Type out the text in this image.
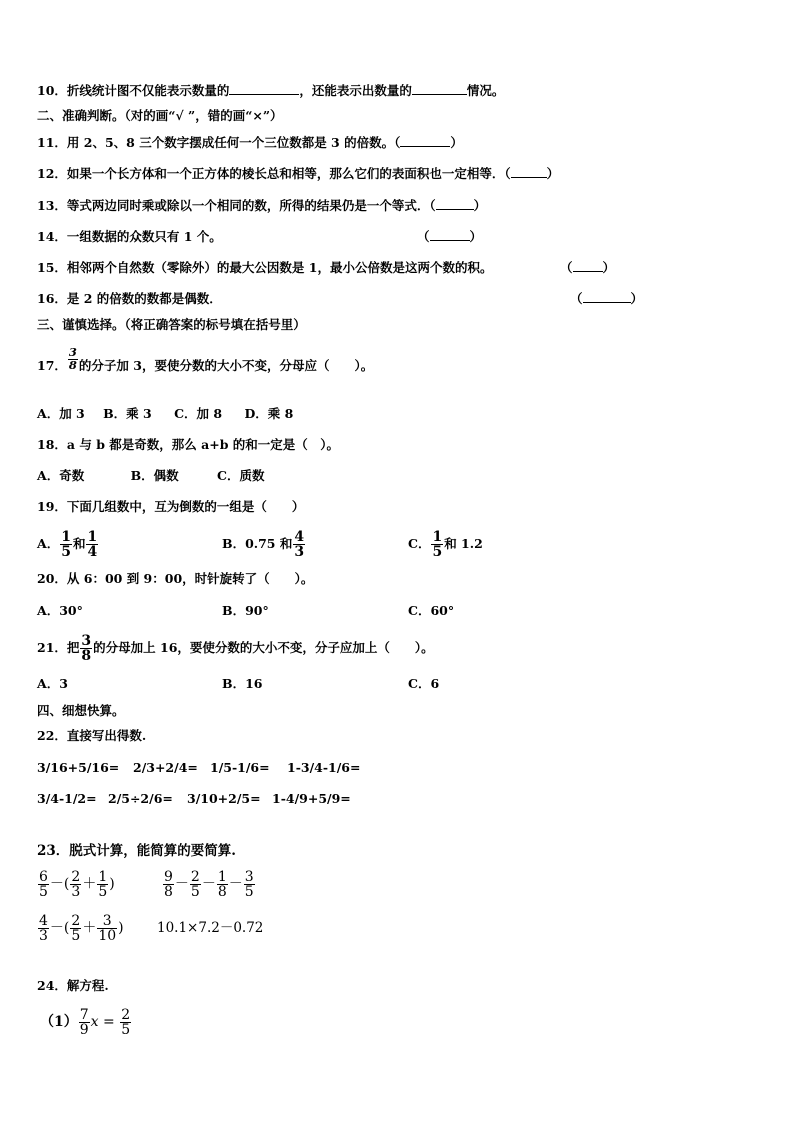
10．折线统计图不仅能表示数量的	，还能表示出数量的	情况。
二、准确判断。（对的画“√ ”，错的画“×”）
11．用 2、5、8 三个数字摆成任何一个三位数都是 3 的倍数。（	）
12．如果一个长方体和一个正方体的棱长总和相等，那么它们的表面积也一定相等．（	）
13．等式两边同时乘或除以一个相同的数，所得的结果仍是一个等式．（	）
14．一组数据的众数只有 1 个。	（	）
15．相邻两个自然数（零除外）的最大公因数是 1，最小公倍数是这两个数的积。	（ ）
16．是 2 的倍数的数都是偶数．	（	）
三、谨慎选择。（将正确答案的标号填在括号里）
17． $\frac{3}{8}$ 的分子加 3，要使分数的大小不变，分母应（　　）。
A．加 3 B．乘 3 C．加 8 D．乘 8
18．a 与 b 都是奇数，那么 a+b 的和一定是（　）。
A．奇数	B．偶数	C．质数
19．下面几组数中，互为倒数的一组是（　　）
A． $\frac{1}{5}$ 和 $\frac{1}{4}$	B．0.75 和 $\frac{4}{3}$	C． $\frac{1}{5}$ 和 1.2
20．从 6：00 到 9：00，时针旋转了（　　）。
A．30°	B．90°	C．60°
21．把 $\frac{3}{8}$ 的分母加上 16，要使分数的大小不变，分子应加上（　　）。
A．3	B．16	C．6
四、细想快算。
22．直接写出得数.
3/16+5/16= 2/3+2/4= 1/5-1/6= 1-3/4-1/6=
3/4-1/2= 2/5÷2/6= 3/10+2/5= 1-4/9+5/9=
23．脱式计算，能简算的要简算.
$\frac{6}{5}$ －( $\frac{2}{3} + \frac{1}{5}$ )	$\frac{9}{8} - \frac{2}{5} - \frac{1}{8} - \frac{3}{5}$
$\frac{4}{3}$ －( $\frac{2}{5} + \frac{3}{10}$ ) 10.1×7.2－0.72
24．解方程.
$(1) \frac{7}{9}$ $x = \frac{2}{5}$
